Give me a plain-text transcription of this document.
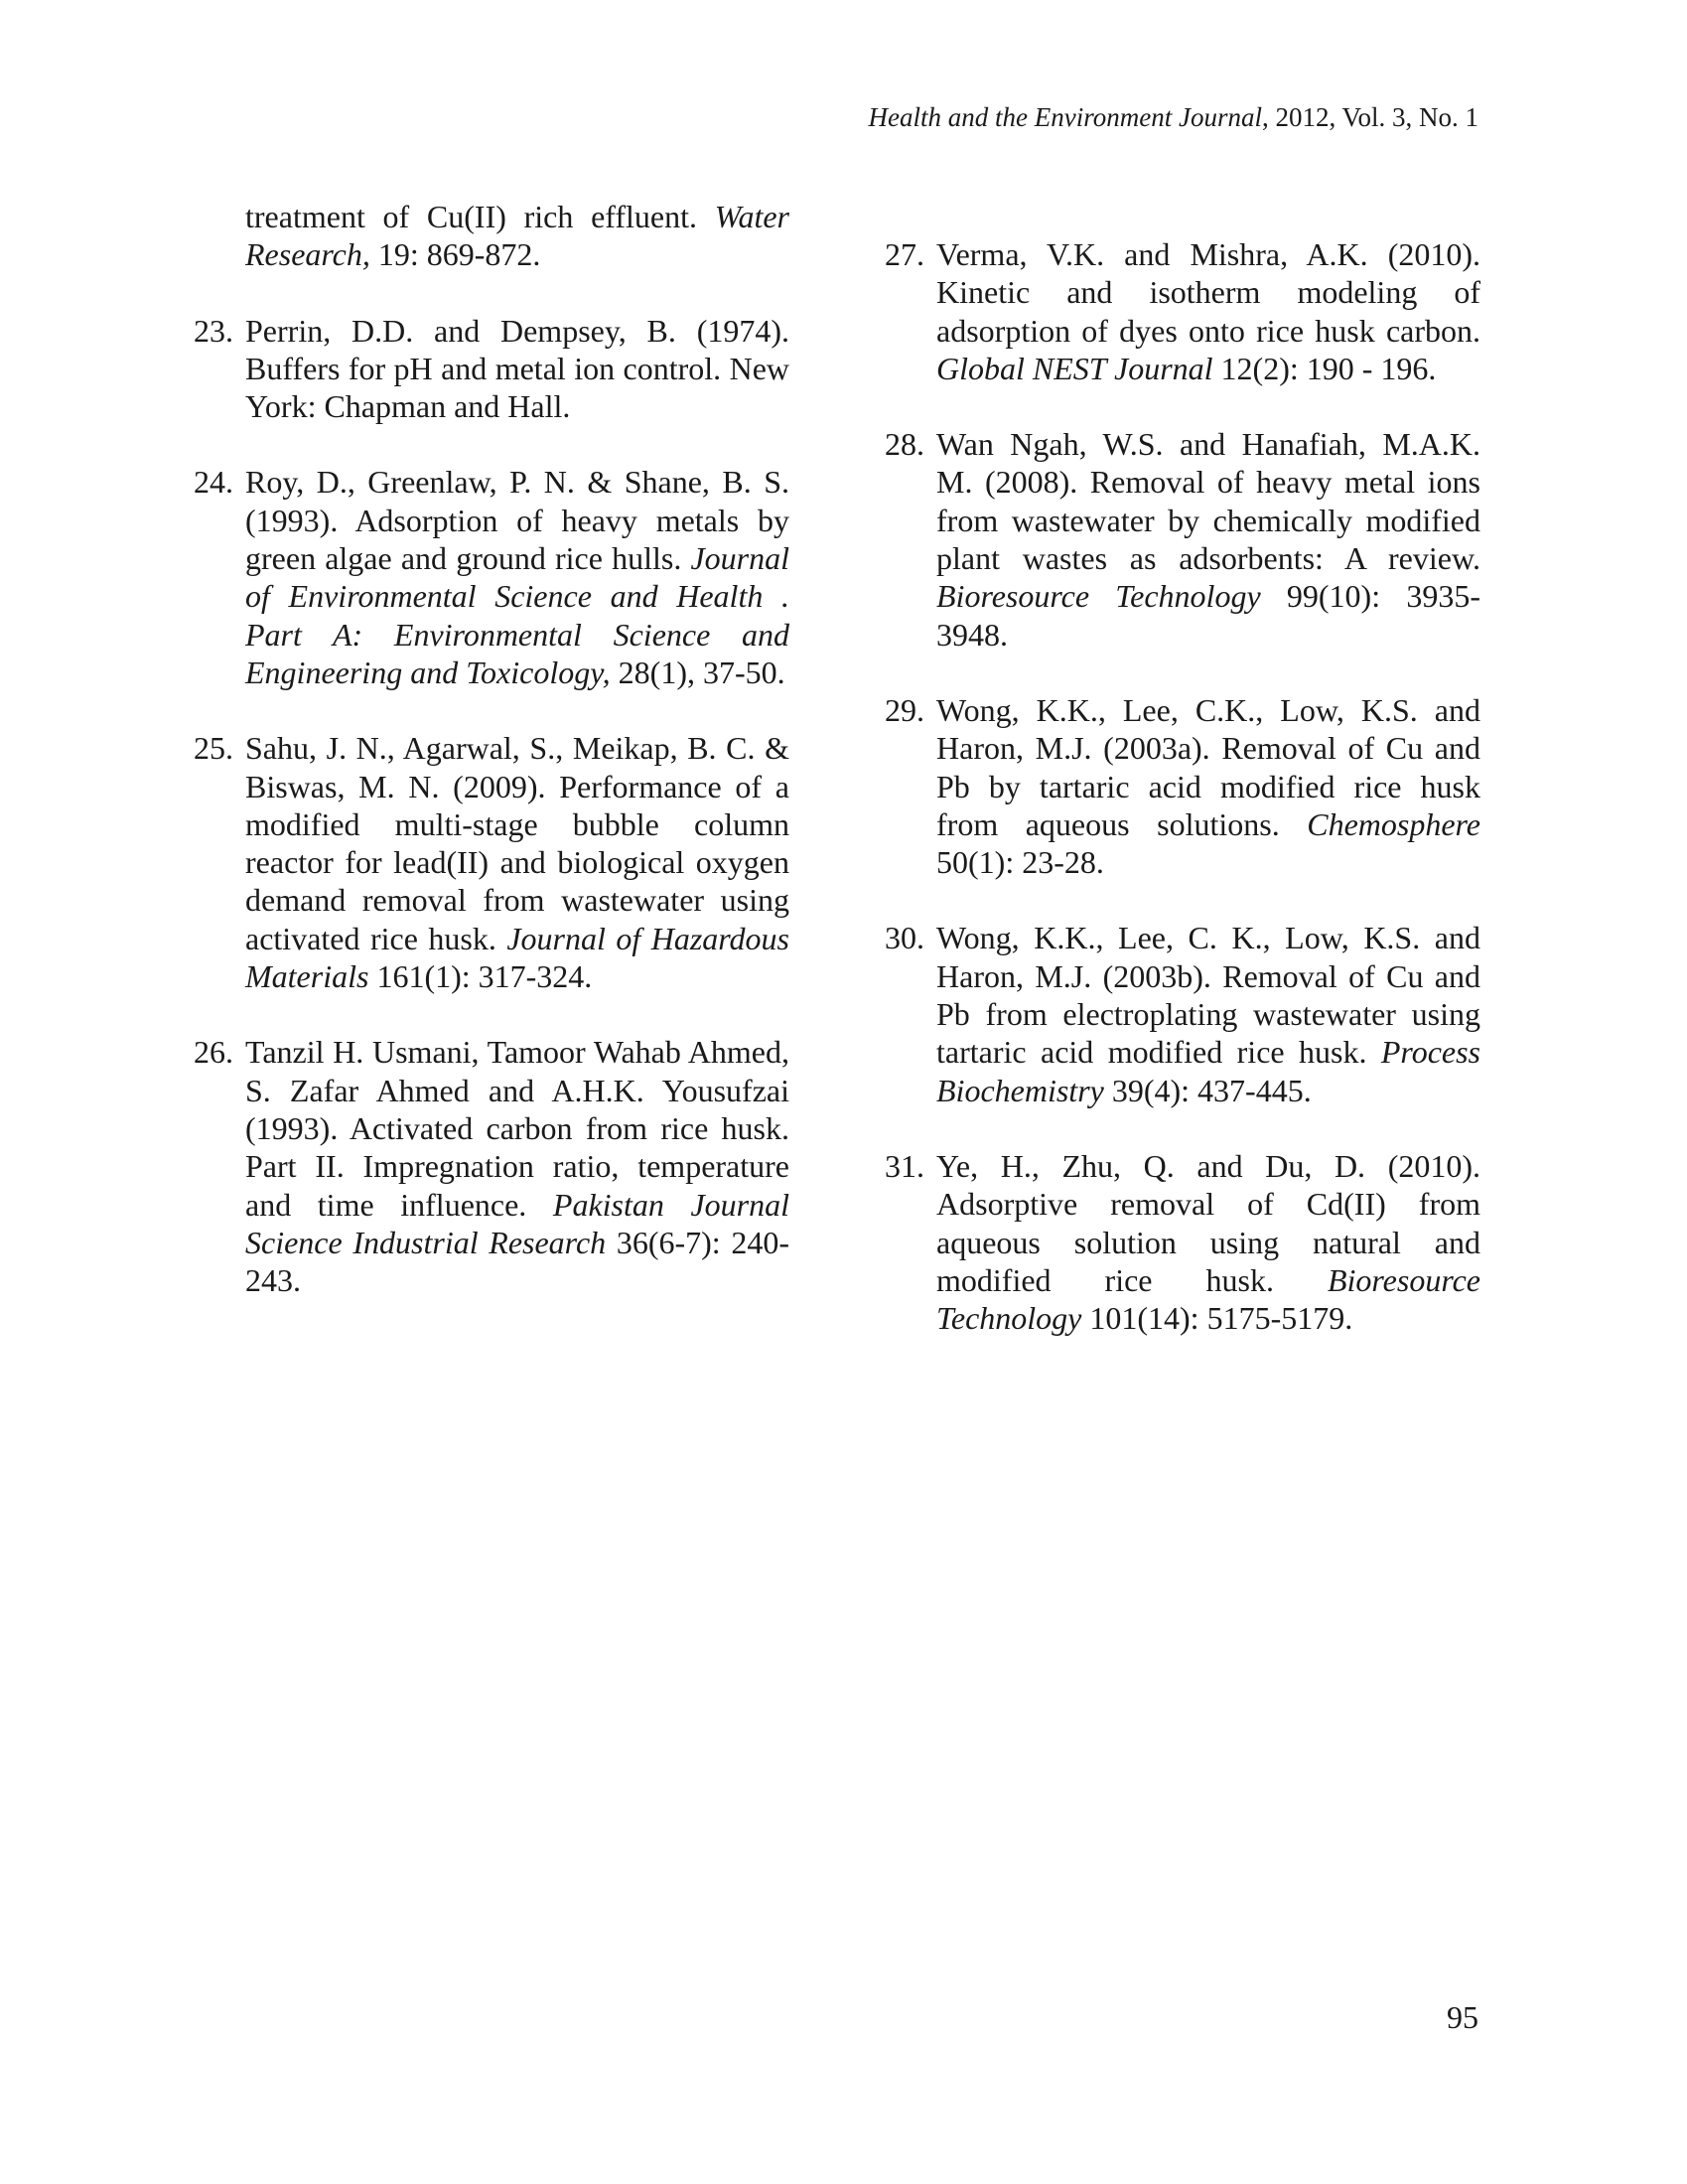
Health and the Environment Journal, 2012, Vol. 3, No. 1
treatment of Cu(II) rich effluent. Water Research, 19: 869-872.
23. Perrin, D.D. and Dempsey, B. (1974). Buffers for pH and metal ion control. New York: Chapman and Hall.
24. Roy, D., Greenlaw, P. N. & Shane, B. S. (1993). Adsorption of heavy metals by green algae and ground rice hulls. Journal of Environmental Science and Health . Part A: Environmental Science and Engineering and Toxicology, 28(1), 37-50.
25. Sahu, J. N., Agarwal, S., Meikap, B. C. & Biswas, M. N. (2009). Performance of a modified multi-stage bubble column reactor for lead(II) and biological oxygen demand removal from wastewater using activated rice husk. Journal of Hazardous Materials 161(1): 317-324.
26. Tanzil H. Usmani, Tamoor Wahab Ahmed, S. Zafar Ahmed and A.H.K. Yousufzai (1993). Activated carbon from rice husk. Part II. Impregnation ratio, temperature and time influence. Pakistan Journal Science Industrial Research 36(6-7): 240-243.
27. Verma, V.K. and Mishra, A.K. (2010). Kinetic and isotherm modeling of adsorption of dyes onto rice husk carbon. Global NEST Journal 12(2): 190 - 196.
28. Wan Ngah, W.S. and Hanafiah, M.A.K. M. (2008). Removal of heavy metal ions from wastewater by chemically modified plant wastes as adsorbents: A review. Bioresource Technology 99(10): 3935-3948.
29. Wong, K.K., Lee, C.K., Low, K.S. and Haron, M.J. (2003a). Removal of Cu and Pb by tartaric acid modified rice husk from aqueous solutions. Chemosphere 50(1): 23-28.
30. Wong, K.K., Lee, C. K., Low, K.S. and Haron, M.J. (2003b). Removal of Cu and Pb from electroplating wastewater using tartaric acid modified rice husk. Process Biochemistry 39(4): 437-445.
31. Ye, H., Zhu, Q. and Du, D. (2010). Adsorptive removal of Cd(II) from aqueous solution using natural and modified rice husk. Bioresource Technology 101(14): 5175-5179.
95
